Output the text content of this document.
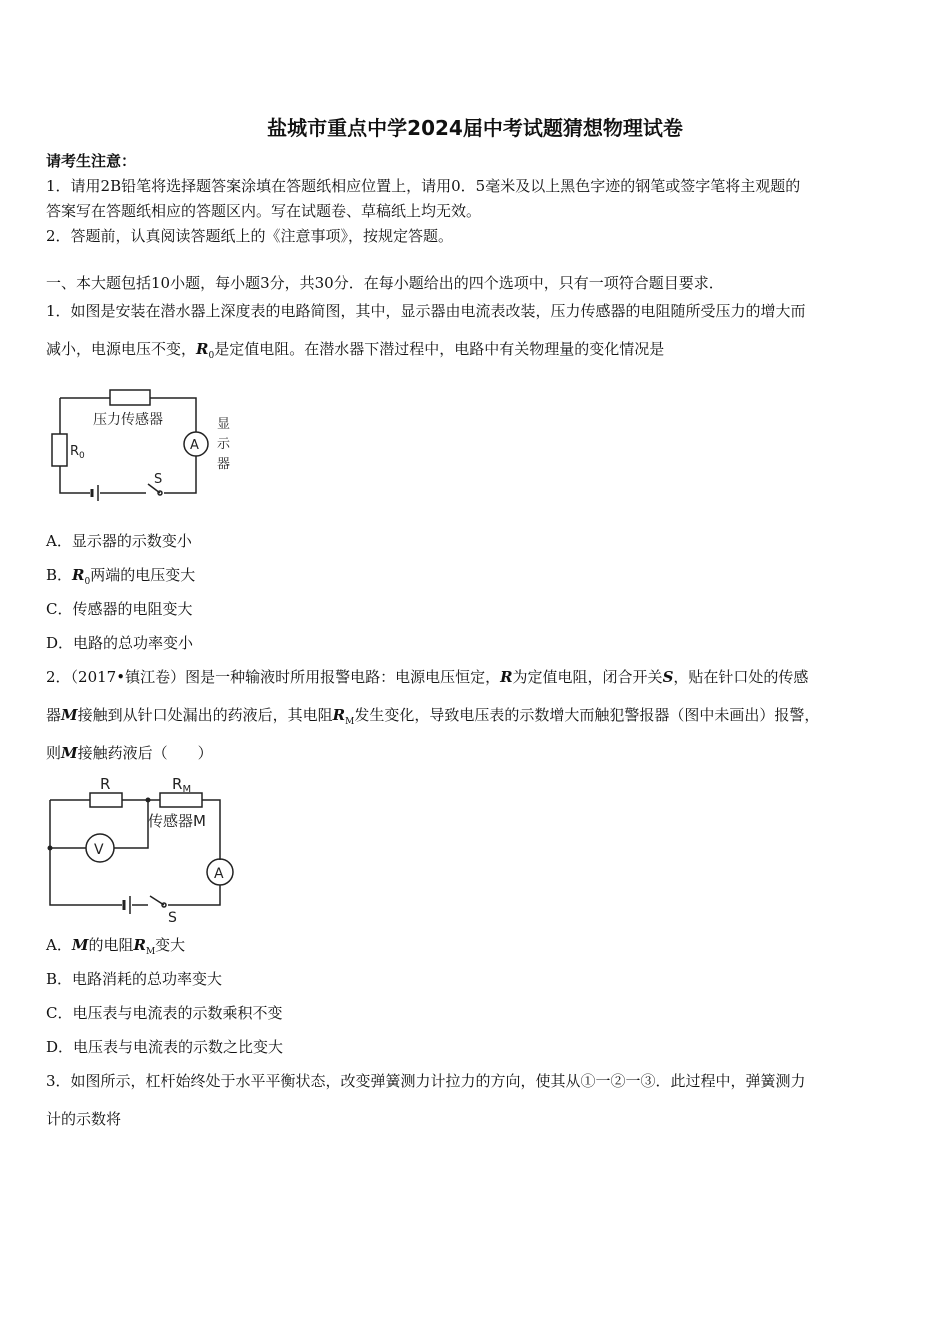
盐城市重点中学2024届中考试题猜想物理试卷
请考生注意：
1．请用2B铅笔将选择题答案涂填在答题纸相应位置上，请用0．5毫米及以上黑色字迹的钢笔或签字笔将主观题的
答案写在答题纸相应的答题区内。写在试题卷、草稿纸上均无效。
2．答题前，认真阅读答题纸上的《注意事项》，按规定答题。
一、本大题包括10小题，每小题3分，共30分．在每小题给出的四个选项中，只有一项符合题目要求．
1．如图是安装在潜水器上深度表的电路简图，其中，显示器由电流表改装，压力传感器的电阻随所受压力的增大而
减小，电源电压不变，$R_0$是定值电阻。在潜水器下潜过程中，电路中有关物理量的变化情况是
压力传感器
A
$R_0$
显
示
器
S
A．显示器的示数变小
B．$R_0$两端的电压变大
C．传感器的电阻变大
D．电路的总功率变小
2．（2017•镇江卷）图是一种输液时所用报警电路：电源电压恒定，R为定值电阻，闭合开关S，贴在针口处的传感
器M接触到从针口处漏出的药液后，其电阻$R_M$发生变化，导致电压表的示数增大而触犯警报器（图中未画出）报警，
则M接触药液后（　　）
R	$R_M$
传感器M
V
A
S
A．M的电阻$R_M$变大
B．电路消耗的总功率变大
C．电压表与电流表的示数乘积不变
D．电压表与电流表的示数之比变大
3．如图所示，杠杆始终处于水平平衡状态，改变弹簧测力计拉力的方向，使其从①一②一③．此过程中，弹簧测力
计的示数将
